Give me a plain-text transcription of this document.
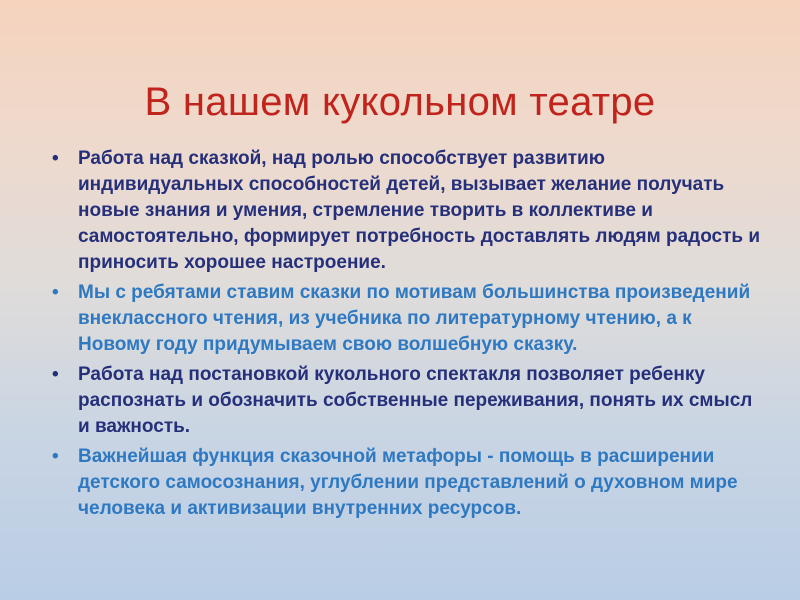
В нашем кукольном театре
• Работа над сказкой, над ролью способствует развитию индивидуальных способностей детей, вызывает желание получать новые знания и умения, стремление творить в коллективе и самостоятельно, формирует потребность доставлять людям радость и приносить хорошее настроение.
• Мы с ребятами ставим сказки по мотивам большинства произведений внеклассного чтения, из учебника по литературному чтению, а к Новому году придумываем свою волшебную сказку.
• Работа над постановкой кукольного спектакля позволяет ребенку распознать и обозначить собственные переживания, понять их смысл и важность.
• Важнейшая функция сказочной метафоры - помощь в расширении детского самосознания, углублении представлений о духовном мире человека и активизации внутренних ресурсов.
